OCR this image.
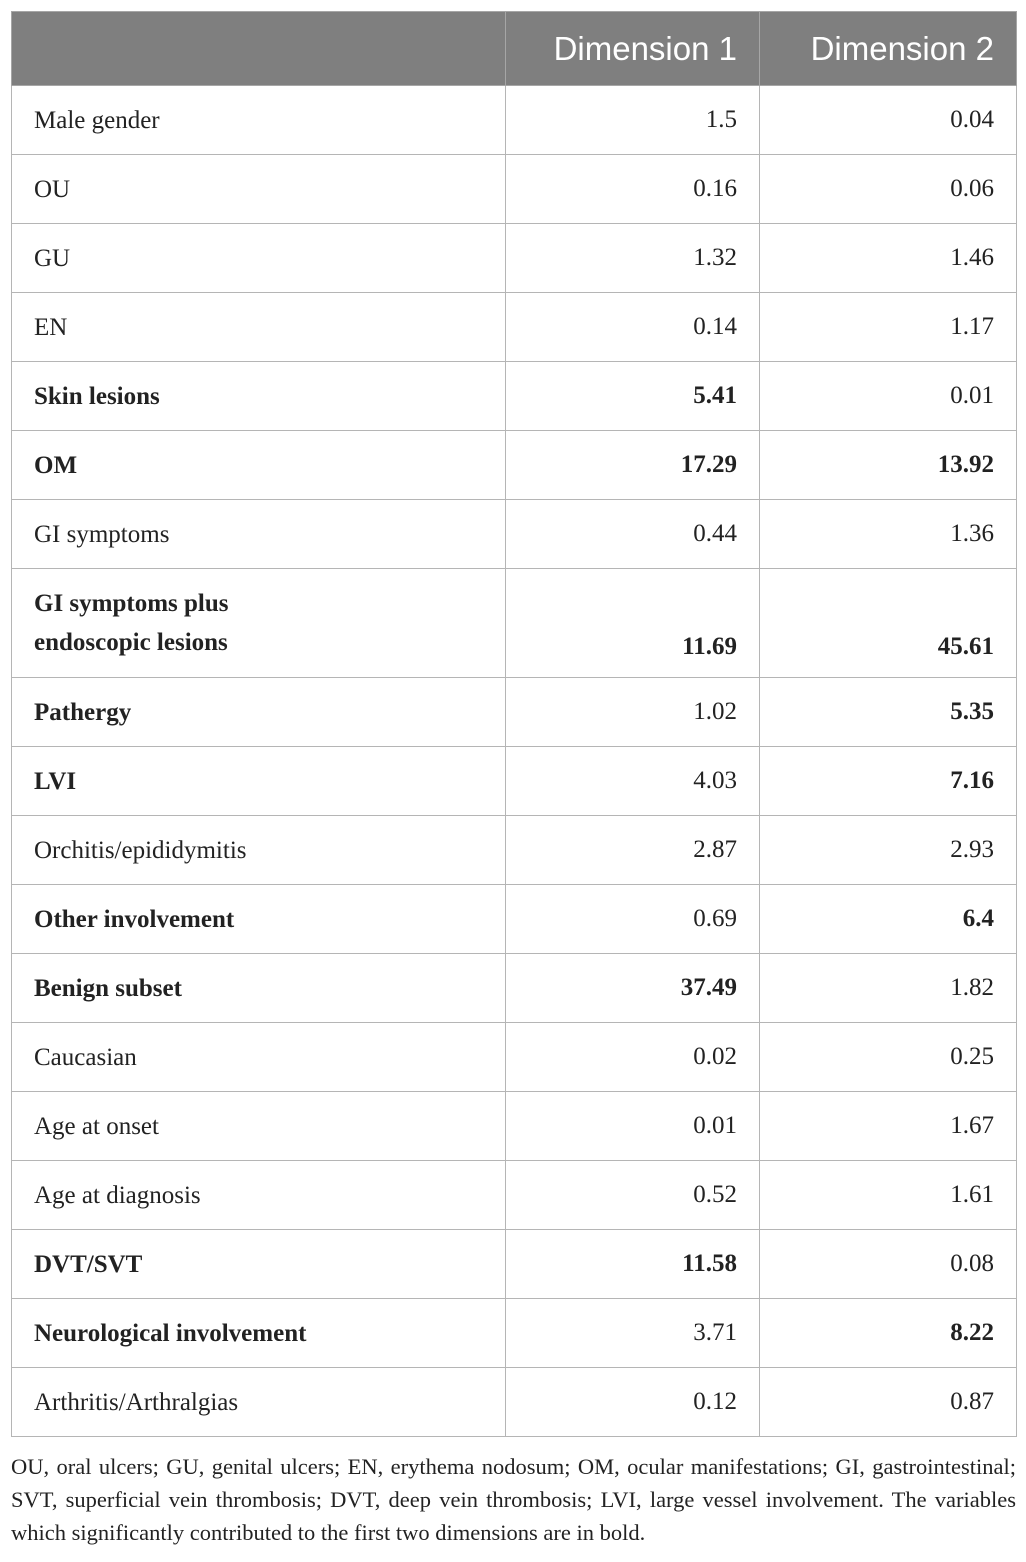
	Dimension 1	Dimension 2
Male gender	1.5	0.04
OU	0.16	0.06
GU	1.32	1.46
EN	0.14	1.17
Skin lesions	5.41	0.01
OM	17.29	13.92
GI symptoms	0.44	1.36
GI symptoms plus endoscopic lesions	11.69	45.61
Pathergy	1.02	5.35
LVI	4.03	7.16
Orchitis/epididymitis	2.87	2.93
Other involvement	0.69	6.4
Benign subset	37.49	1.82
Caucasian	0.02	0.25
Age at onset	0.01	1.67
Age at diagnosis	0.52	1.61
DVT/SVT	11.58	0.08
Neurological involvement	3.71	8.22
Arthritis/Arthralgias	0.12	0.87
OU, oral ulcers; GU, genital ulcers; EN, erythema nodosum; OM, ocular manifestations; GI, gastrointestinal; SVT, superficial vein thrombosis; DVT, deep vein thrombosis; LVI, large vessel involvement. The variables which significantly contributed to the first two dimensions are in bold.
